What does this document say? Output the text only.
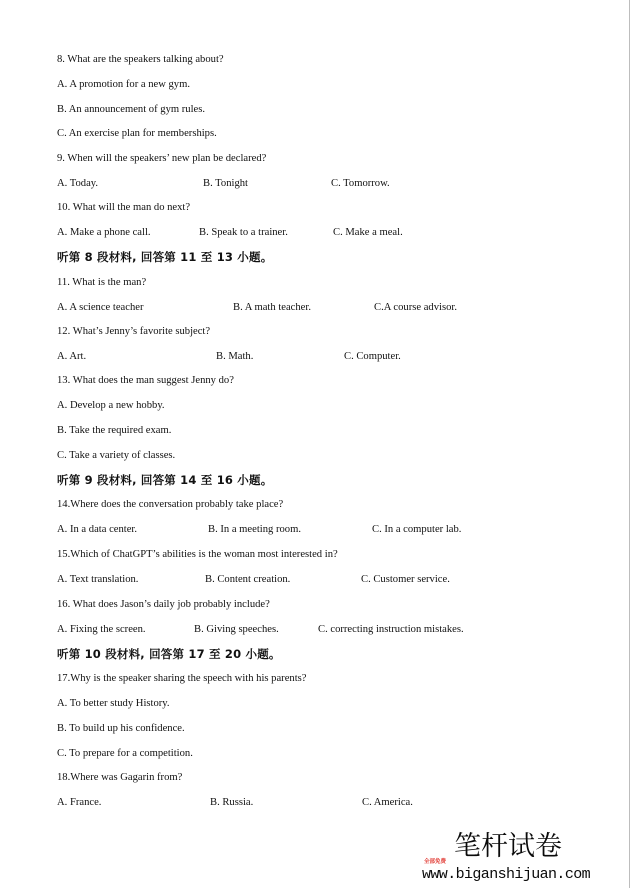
8. What are the speakers talking about?
A. A promotion for a new gym.
B. An announcement of gym rules.
C. An exercise plan for memberships.
9. When will the speakers’ new plan be declared?
A. Today.	B. Tonight	C. Tomorrow.
10. What will the man do next?
A. Make a phone call.	B. Speak to a trainer.	C. Make a meal.
听第 8 段材料, 回答第 11 至 13 小题。
11. What is the man?
A. A science teacher	B. A math teacher.	C.A course advisor.
12. What’s Jenny’s favorite subject?
A. Art.	B. Math.	C. Computer.
13. What does the man suggest Jenny do?
A. Develop a new hobby.
B. Take the required exam.
C. Take a variety of classes.
听第 9 段材料, 回答第 14 至 16 小题。
14.Where does the conversation probably take place?
A. In a data center.	B. In a meeting room.	C. In a computer lab.
15.Which of ChatGPT’s abilities is the woman most interested in?
A. Text translation.	B. Content creation.	C. Customer service.
16. What does Jason’s daily job probably include?
A. Fixing the screen.	B. Giving speeches.	C. correcting instruction mistakes.
听第 10 段材料, 回答第 17 至 20 小题。
17.Why is the speaker sharing the speech with his parents?
A. To better study History.
B. To build up his confidence.
C. To prepare for a competition.
18.Where was Gagarin from?
A. France.	B. Russia.	C. America.
笔杆试卷
全部免费
www.biganshijuan.com
